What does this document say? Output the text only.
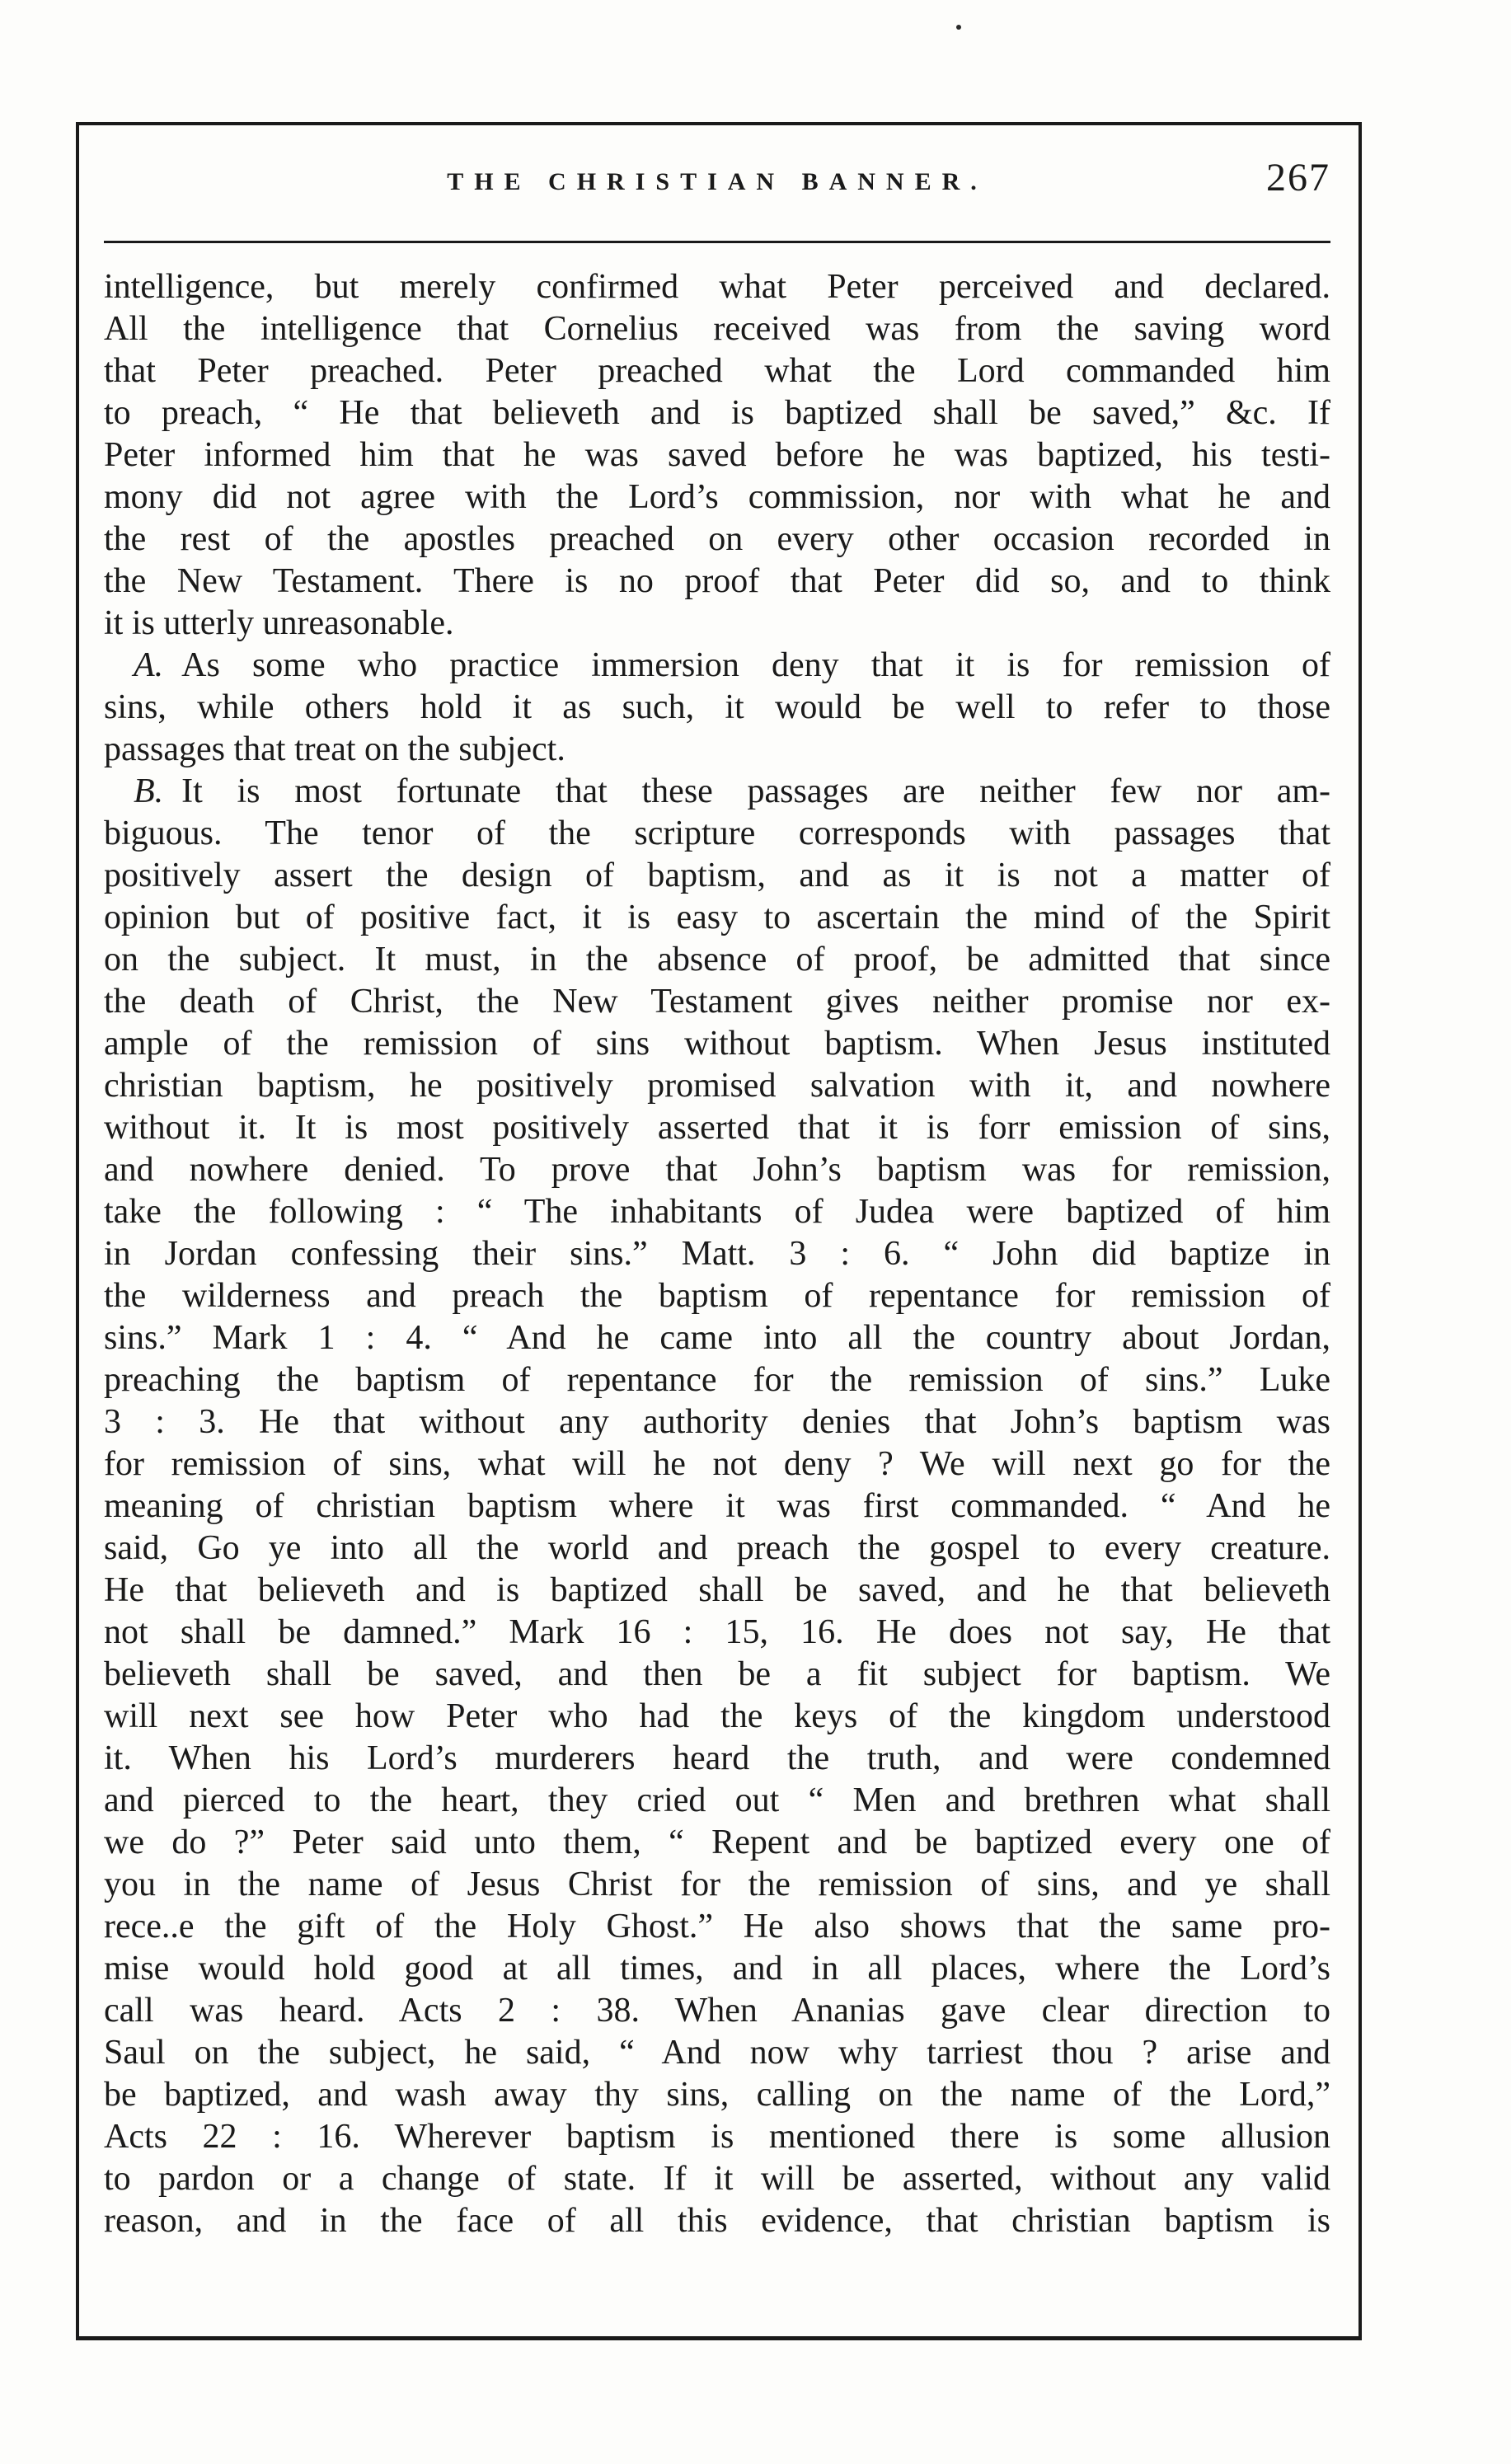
THE CHRISTIAN BANNER.	267
intelligence, but merely confirmed what Peter perceived and declared.
All the intelligence that Cornelius received was from the saving word
that Peter preached. Peter preached what the Lord commanded him
to preach, “ He that believeth and is baptized shall be saved,” &c. If
Peter informed him that he was saved before he was baptized, his testi-
mony did not agree with the Lord’s commission, nor with what he and
the rest of the apostles preached on every other occasion recorded in
the New Testament. There is no proof that Peter did so, and to think
it is utterly unreasonable.
A. As some who practice immersion deny that it is for remission of
sins, while others hold it as such, it would be well to refer to those
passages that treat on the subject.
B. It is most fortunate that these passages are neither few nor am-
biguous. The tenor of the scripture corresponds with passages that
positively assert the design of baptism, and as it is not a matter of
opinion but of positive fact, it is easy to ascertain the mind of the Spirit
on the subject. It must, in the absence of proof, be admitted that since
the death of Christ, the New Testament gives neither promise nor ex-
ample of the remission of sins without baptism. When Jesus instituted
christian baptism, he positively promised salvation with it, and nowhere
without it. It is most positively asserted that it is forr emission of sins,
and nowhere denied. To prove that John’s baptism was for remission,
take the following : “ The inhabitants of Judea were baptized of him
in Jordan confessing their sins.” Matt. 3 : 6. “ John did baptize in
the wilderness and preach the baptism of repentance for remission of
sins.” Mark 1 : 4. “ And he came into all the country about Jordan,
preaching the baptism of repentance for the remission of sins.” Luke
3 : 3. He that without any authority denies that John’s baptism was
for remission of sins, what will he not deny ? We will next go for the
meaning of christian baptism where it was first commanded. “ And he
said, Go ye into all the world and preach the gospel to every creature.
He that believeth and is baptized shall be saved, and he that believeth
not shall be damned.” Mark 16 : 15, 16. He does not say, He that
believeth shall be saved, and then be a fit subject for baptism. We
will next see how Peter who had the keys of the kingdom understood
it. When his Lord’s murderers heard the truth, and were condemned
and pierced to the heart, they cried out “ Men and brethren what shall
we do ?” Peter said unto them, “ Repent and be baptized every one of
you in the name of Jesus Christ for the remission of sins, and ye shall
rece..e the gift of the Holy Ghost.” He also shows that the same pro-
mise would hold good at all times, and in all places, where the Lord’s
call was heard. Acts 2 : 38. When Ananias gave clear direction to
Saul on the subject, he said, “ And now why tarriest thou ? arise and
be baptized, and wash away thy sins, calling on the name of the Lord,”
Acts 22 : 16. Wherever baptism is mentioned there is some allusion
to pardon or a change of state. If it will be asserted, without any valid
reason, and in the face of all this evidence, that christian baptism is
